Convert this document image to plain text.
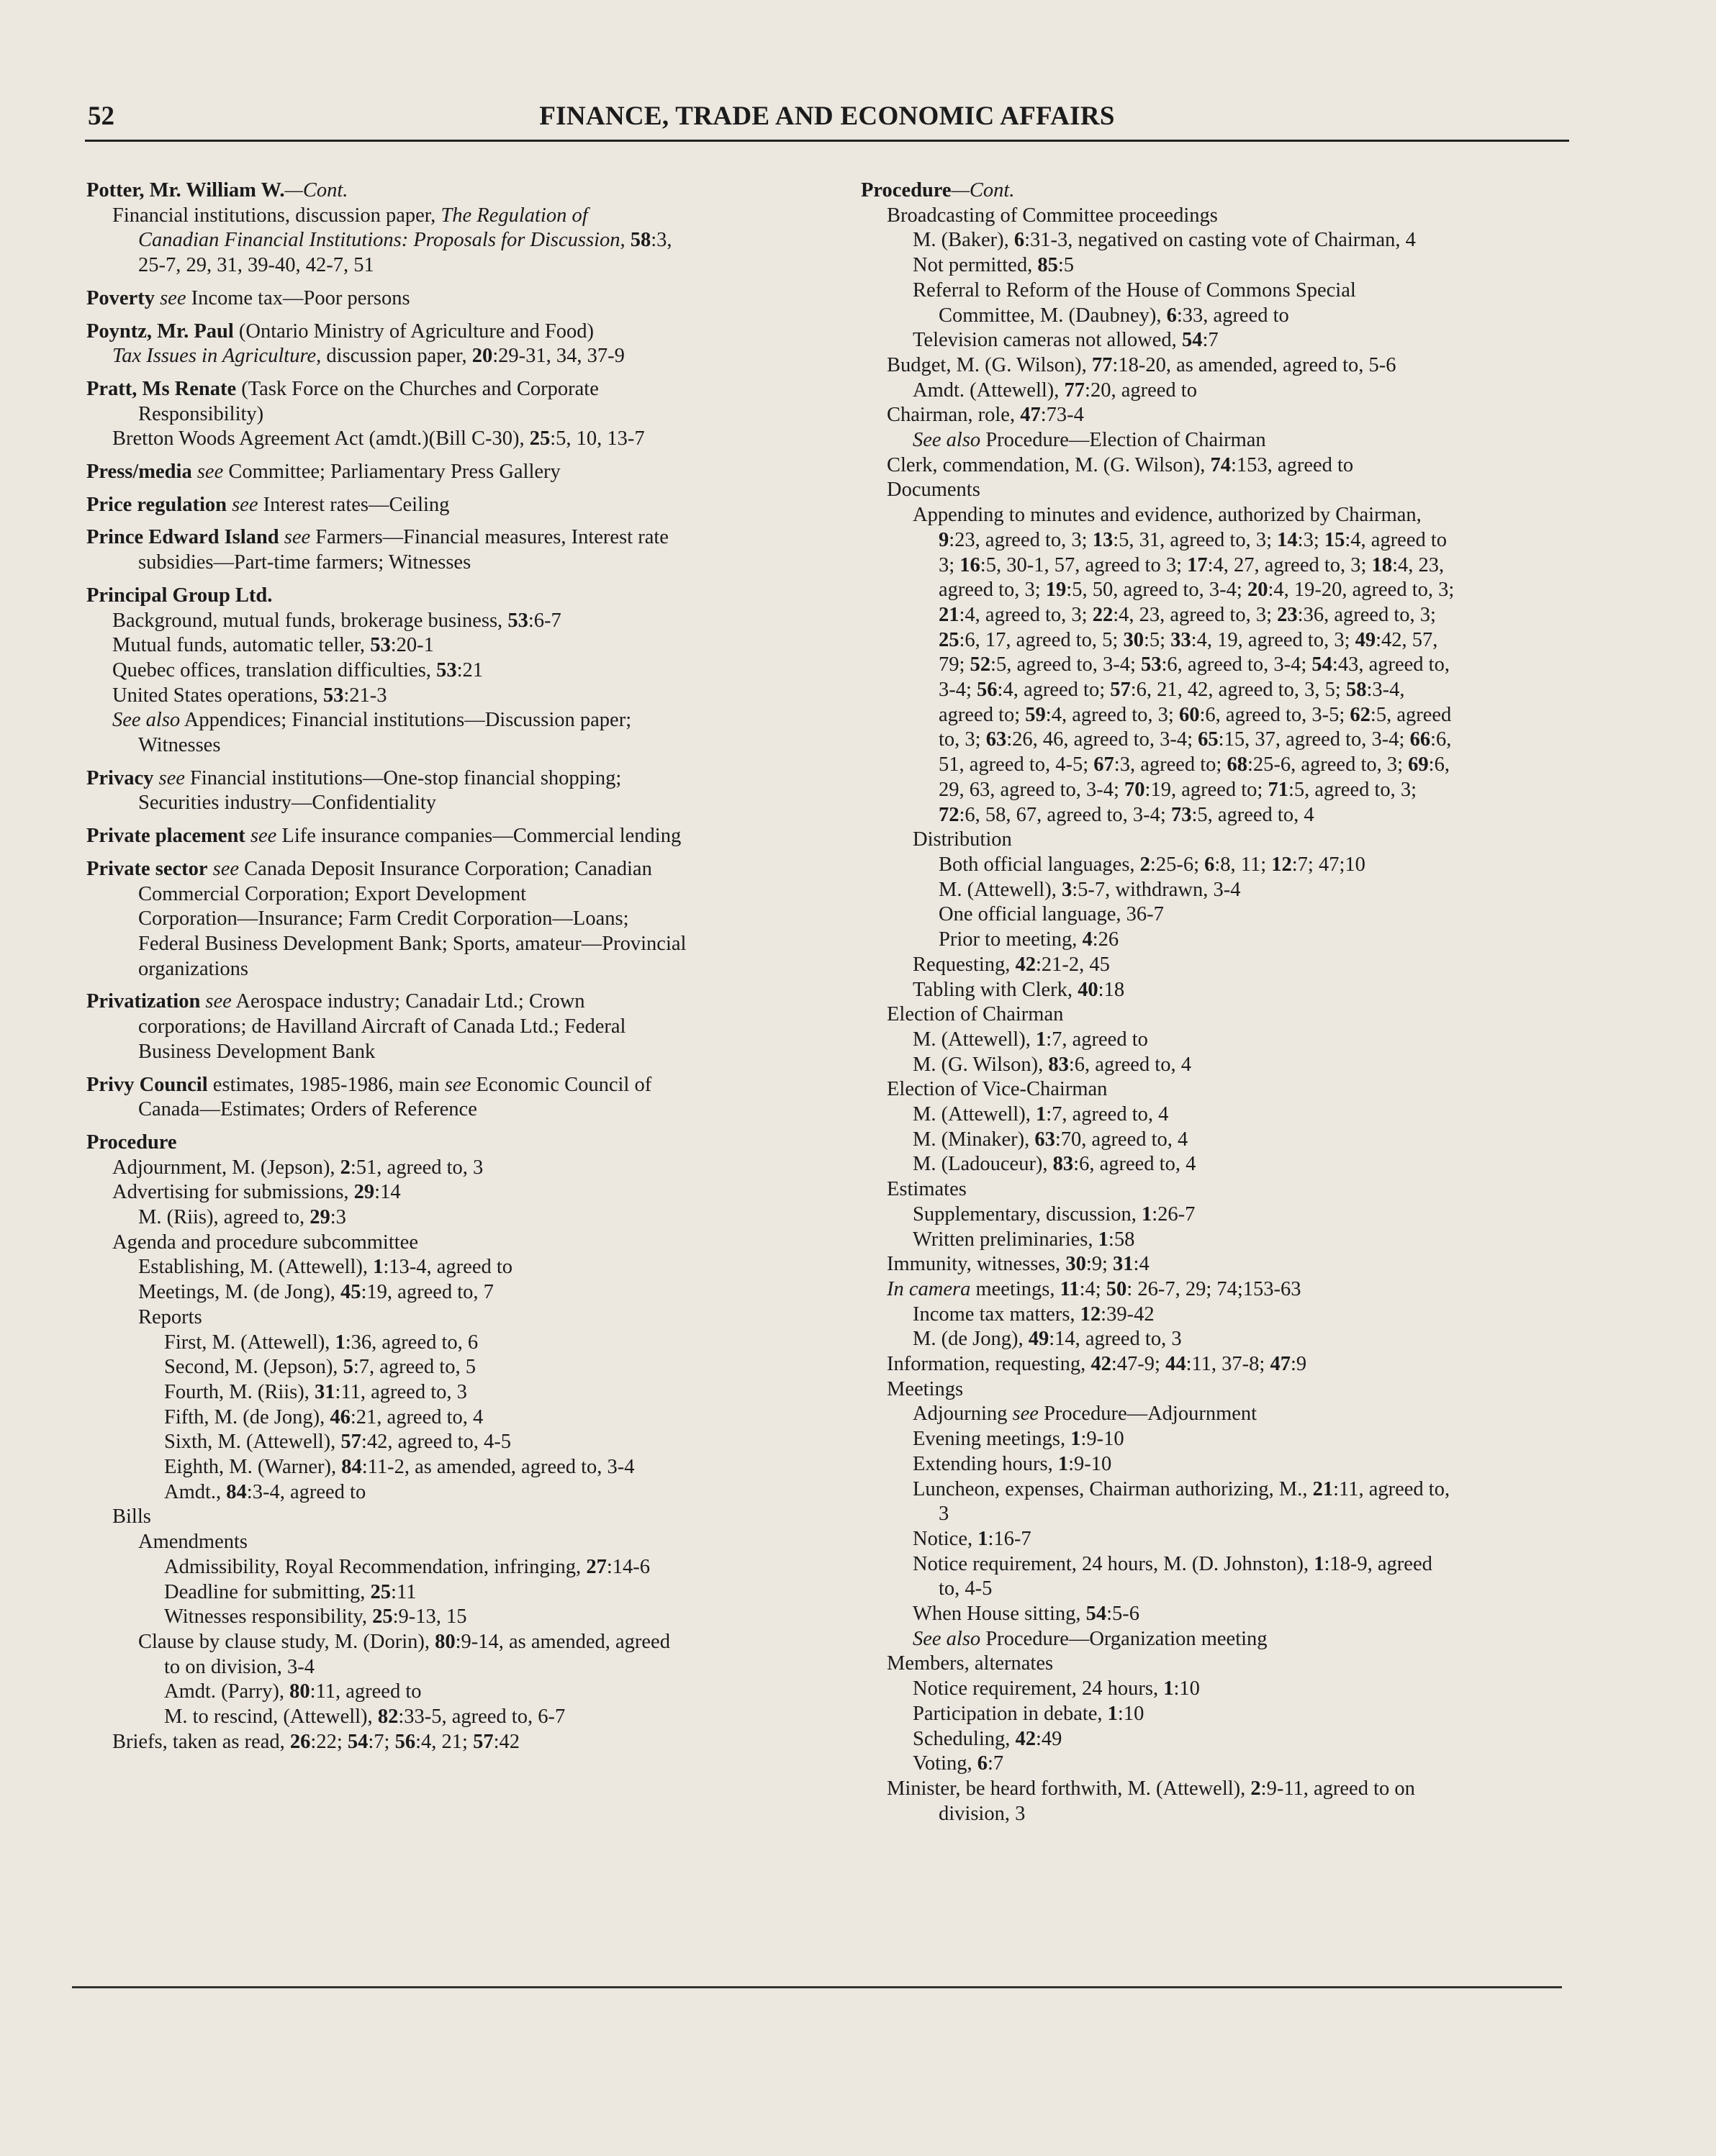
52	FINANCE, TRADE AND ECONOMIC AFFAIRS
Potter, Mr. William W.—Cont.
Financial institutions, discussion paper, The Regulation of
Canadian Financial Institutions: Proposals for Discussion, 58:3,
25-7, 29, 31, 39-40, 42-7, 51
Poverty see Income tax—Poor persons
Poyntz, Mr. Paul (Ontario Ministry of Agriculture and Food)
Tax Issues in Agriculture, discussion paper, 20:29-31, 34, 37-9
Pratt, Ms Renate (Task Force on the Churches and Corporate
Responsibility)
Bretton Woods Agreement Act (amdt.)(Bill C-30), 25:5, 10, 13-7
Press/media see Committee; Parliamentary Press Gallery
Price regulation see Interest rates—Ceiling
Prince Edward Island see Farmers—Financial measures, Interest rate
subsidies—Part-time farmers; Witnesses
Principal Group Ltd.
Background, mutual funds, brokerage business, 53:6-7
Mutual funds, automatic teller, 53:20-1
Quebec offices, translation difficulties, 53:21
United States operations, 53:21-3
See also Appendices; Financial institutions—Discussion paper;
Witnesses
Privacy see Financial institutions—One-stop financial shopping;
Securities industry—Confidentiality
Private placement see Life insurance companies—Commercial lending
Private sector see Canada Deposit Insurance Corporation; Canadian
Commercial Corporation; Export Development
Corporation—Insurance; Farm Credit Corporation—Loans;
Federal Business Development Bank; Sports, amateur—Provincial
organizations
Privatization see Aerospace industry; Canadair Ltd.; Crown
corporations; de Havilland Aircraft of Canada Ltd.; Federal
Business Development Bank
Privy Council estimates, 1985-1986, main see Economic Council of
Canada—Estimates; Orders of Reference
Procedure
Adjournment, M. (Jepson), 2:51, agreed to, 3
Advertising for submissions, 29:14
M. (Riis), agreed to, 29:3
Agenda and procedure subcommittee
Establishing, M. (Attewell), 1:13-4, agreed to
Meetings, M. (de Jong), 45:19, agreed to, 7
Reports
First, M. (Attewell), 1:36, agreed to, 6
Second, M. (Jepson), 5:7, agreed to, 5
Fourth, M. (Riis), 31:11, agreed to, 3
Fifth, M. (de Jong), 46:21, agreed to, 4
Sixth, M. (Attewell), 57:42, agreed to, 4-5
Eighth, M. (Warner), 84:11-2, as amended, agreed to, 3-4
Amdt., 84:3-4, agreed to
Bills
Amendments
Admissibility, Royal Recommendation, infringing, 27:14-6
Deadline for submitting, 25:11
Witnesses responsibility, 25:9-13, 15
Clause by clause study, M. (Dorin), 80:9-14, as amended, agreed
to on division, 3-4
Amdt. (Parry), 80:11, agreed to
M. to rescind, (Attewell), 82:33-5, agreed to, 6-7
Briefs, taken as read, 26:22; 54:7; 56:4, 21; 57:42
Procedure—Cont.
Broadcasting of Committee proceedings
M. (Baker), 6:31-3, negatived on casting vote of Chairman, 4
Not permitted, 85:5
Referral to Reform of the House of Commons Special
Committee, M. (Daubney), 6:33, agreed to
Television cameras not allowed, 54:7
Budget, M. (G. Wilson), 77:18-20, as amended, agreed to, 5-6
Amdt. (Attewell), 77:20, agreed to
Chairman, role, 47:73-4
See also Procedure—Election of Chairman
Clerk, commendation, M. (G. Wilson), 74:153, agreed to
Documents
Appending to minutes and evidence, authorized by Chairman,
9:23, agreed to, 3; 13:5, 31, agreed to, 3; 14:3; 15:4, agreed to
3; 16:5, 30-1, 57, agreed to 3; 17:4, 27, agreed to, 3; 18:4, 23,
agreed to, 3; 19:5, 50, agreed to, 3-4; 20:4, 19-20, agreed to, 3;
21:4, agreed to, 3; 22:4, 23, agreed to, 3; 23:36, agreed to, 3;
25:6, 17, agreed to, 5; 30:5; 33:4, 19, agreed to, 3; 49:42, 57,
79; 52:5, agreed to, 3-4; 53:6, agreed to, 3-4; 54:43, agreed to,
3-4; 56:4, agreed to; 57:6, 21, 42, agreed to, 3, 5; 58:3-4,
agreed to; 59:4, agreed to, 3; 60:6, agreed to, 3-5; 62:5, agreed
to, 3; 63:26, 46, agreed to, 3-4; 65:15, 37, agreed to, 3-4; 66:6,
51, agreed to, 4-5; 67:3, agreed to; 68:25-6, agreed to, 3; 69:6,
29, 63, agreed to, 3-4; 70:19, agreed to; 71:5, agreed to, 3;
72:6, 58, 67, agreed to, 3-4; 73:5, agreed to, 4
Distribution
Both official languages, 2:25-6; 6:8, 11; 12:7; 47;10
M. (Attewell), 3:5-7, withdrawn, 3-4
One official language, 36-7
Prior to meeting, 4:26
Requesting, 42:21-2, 45
Tabling with Clerk, 40:18
Election of Chairman
M. (Attewell), 1:7, agreed to
M. (G. Wilson), 83:6, agreed to, 4
Election of Vice-Chairman
M. (Attewell), 1:7, agreed to, 4
M. (Minaker), 63:70, agreed to, 4
M. (Ladouceur), 83:6, agreed to, 4
Estimates
Supplementary, discussion, 1:26-7
Written preliminaries, 1:58
Immunity, witnesses, 30:9; 31:4
In camera meetings, 11:4; 50: 26-7, 29; 74;153-63
Income tax matters, 12:39-42
M. (de Jong), 49:14, agreed to, 3
Information, requesting, 42:47-9; 44:11, 37-8; 47:9
Meetings
Adjourning see Procedure—Adjournment
Evening meetings, 1:9-10
Extending hours, 1:9-10
Luncheon, expenses, Chairman authorizing, M., 21:11, agreed to,
3
Notice, 1:16-7
Notice requirement, 24 hours, M. (D. Johnston), 1:18-9, agreed
to, 4-5
When House sitting, 54:5-6
See also Procedure—Organization meeting
Members, alternates
Notice requirement, 24 hours, 1:10
Participation in debate, 1:10
Scheduling, 42:49
Voting, 6:7
Minister, be heard forthwith, M. (Attewell), 2:9-11, agreed to on
division, 3
